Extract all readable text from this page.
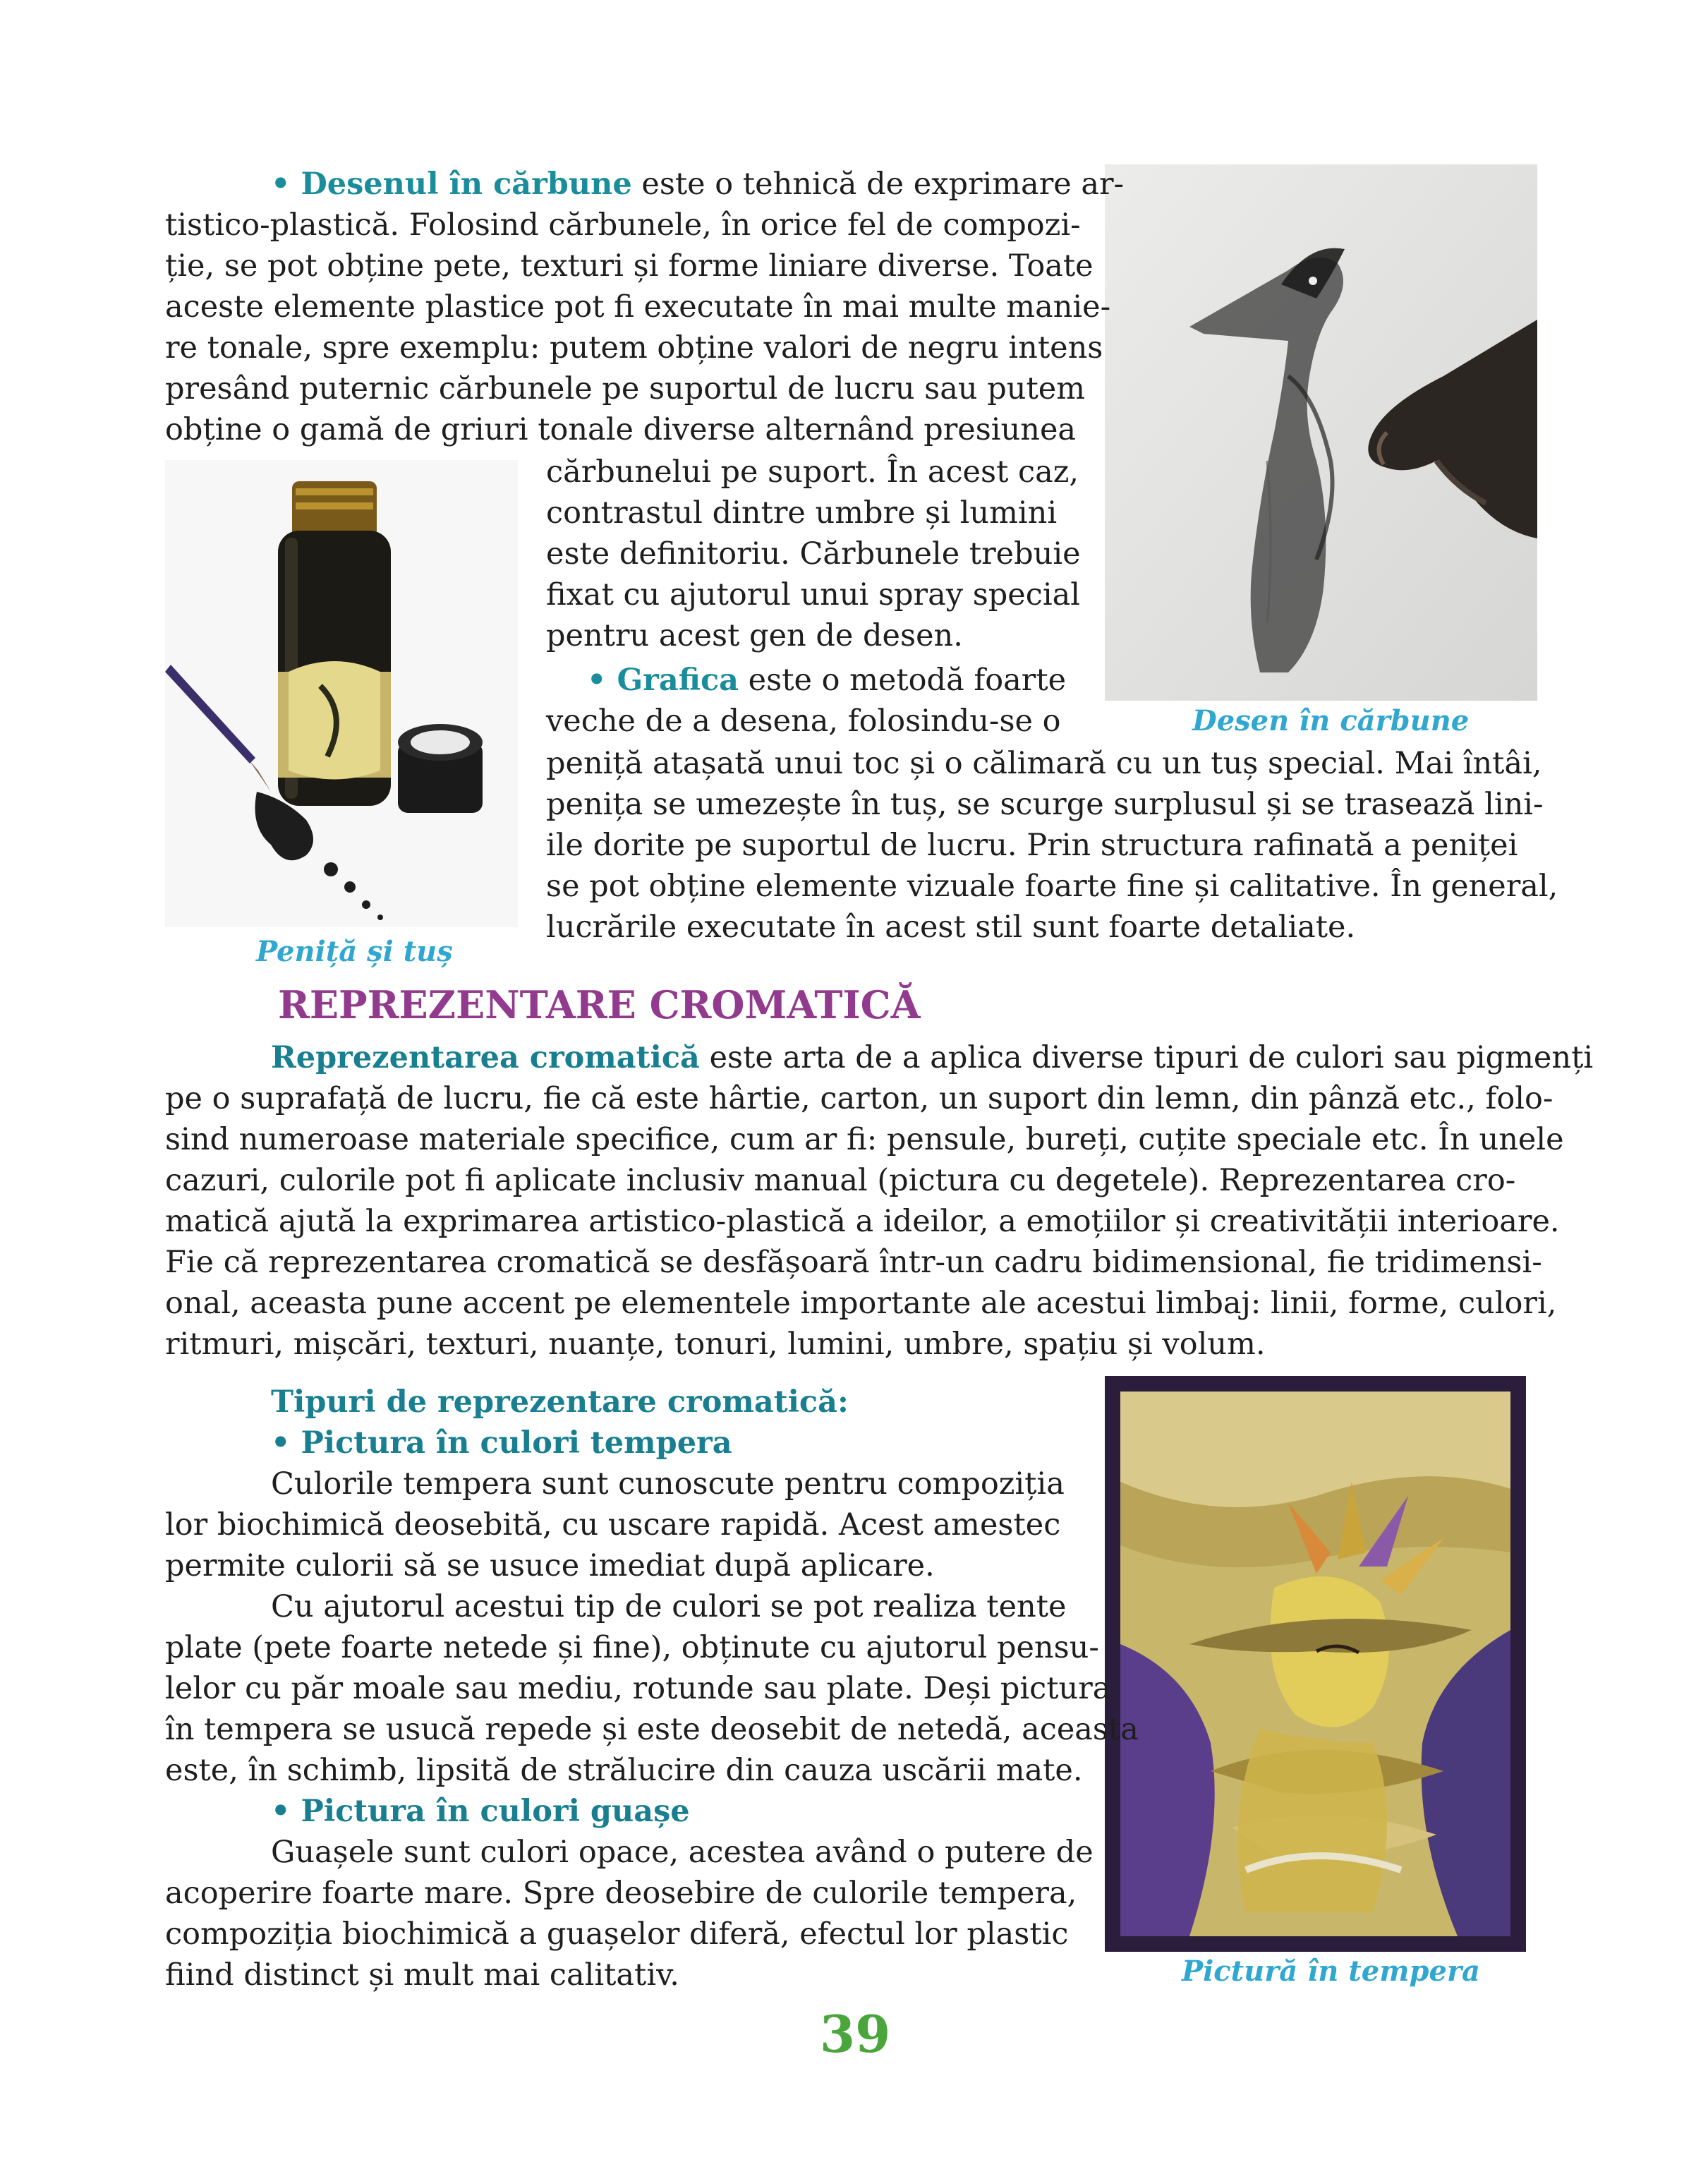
• Desenul în cărbune este o tehnică de exprimare ar-
tistico-plastică. Folosind cărbunele, în orice fel de compozi-
ție, se pot obține pete, texturi și forme liniare diverse. Toate
aceste elemente plastice pot fi executate în mai multe manie-
re tonale, spre exemplu: putem obține valori de negru intens
presând puternic cărbunele pe suportul de lucru sau putem
obține o gamă de griuri tonale diverse alternând presiunea
cărbunelui pe suport. În acest caz,
contrastul dintre umbre și lumini
este definitoriu. Cărbunele trebuie
fixat cu ajutorul unui spray special
pentru acest gen de desen.
• Grafica este o metodă foarte
veche de a desena, folosindu-se o
peniță atașată unui toc și o călimară cu un tuș special. Mai întâi,
penița se umezește în tuș, se scurge surplusul și se trasează lini-
ile dorite pe suportul de lucru. Prin structura rafinată a peniței
se pot obține elemente vizuale foarte fine și calitative. În general,
lucrările executate în acest stil sunt foarte detaliate.
Desen în cărbune
Peniță și tuș
Pictură în tempera
REPREZENTARE CROMATICĂ
Reprezentarea cromatică este arta de a aplica diverse tipuri de culori sau pigmenți
pe o suprafață de lucru, fie că este hârtie, carton, un suport din lemn, din pânză etc., folo-
sind numeroase materiale specifice, cum ar fi: pensule, bureți, cuțite speciale etc. În unele
cazuri, culorile pot fi aplicate inclusiv manual (pictura cu degetele). Reprezentarea cro-
matică ajută la exprimarea artistico-plastică a ideilor, a emoțiilor și creativității interioare.
Fie că reprezentarea cromatică se desfășoară într-un cadru bidimensional, fie tridimensi-
onal, aceasta pune accent pe elementele importante ale acestui limbaj: linii, forme, culori,
ritmuri, mișcări, texturi, nuanțe, tonuri, lumini, umbre, spațiu și volum.
Tipuri de reprezentare cromatică:
• Pictura în culori tempera
Culorile tempera sunt cunoscute pentru compoziția
lor biochimică deosebită, cu uscare rapidă. Acest amestec
permite culorii să se usuce imediat după aplicare.
Cu ajutorul acestui tip de culori se pot realiza tente
plate (pete foarte netede și fine), obținute cu ajutorul pensu-
lelor cu păr moale sau mediu, rotunde sau plate. Deși pictura
în tempera se usucă repede și este deosebit de netedă, aceasta
este, în schimb, lipsită de strălucire din cauza uscării mate.
• Pictura în culori guașe
Guașele sunt culori opace, acestea având o putere de
acoperire foarte mare. Spre deosebire de culorile tempera,
compoziția biochimică a guașelor diferă, efectul lor plastic
fiind distinct și mult mai calitativ.
39
